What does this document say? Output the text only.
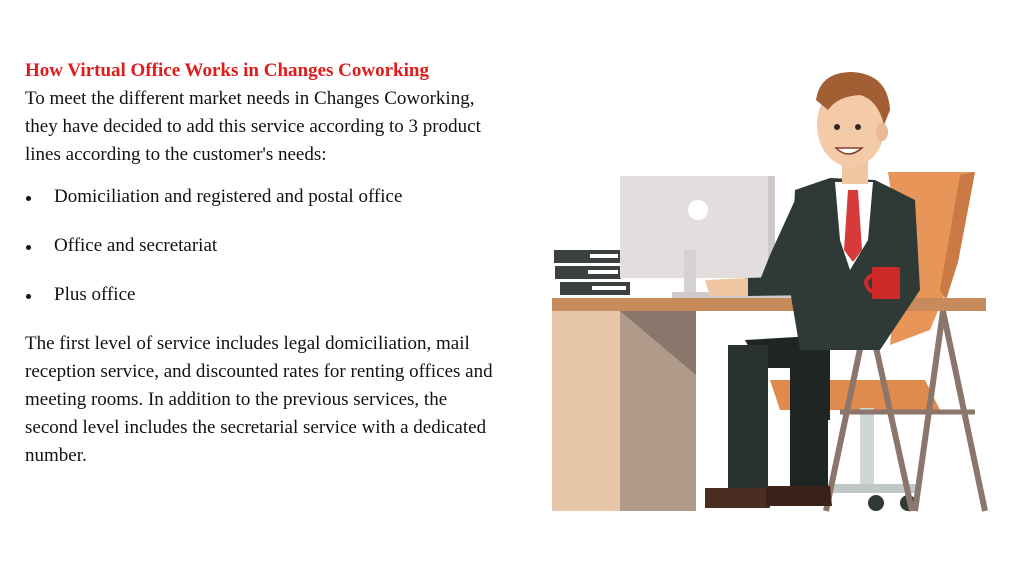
How Virtual Office Works in Changes Coworking

To meet the different market needs in Changes Coworking, they have decided to add this service according to 3 product lines according to the customer's needs:

Domiciliation and registered and postal office
Office and secretariat
Plus office

The first level of service includes legal domiciliation, mail reception service, and discounted rates for renting offices and meeting rooms. In addition to the previous services, the second level includes the secretarial service with a dedicated number.
